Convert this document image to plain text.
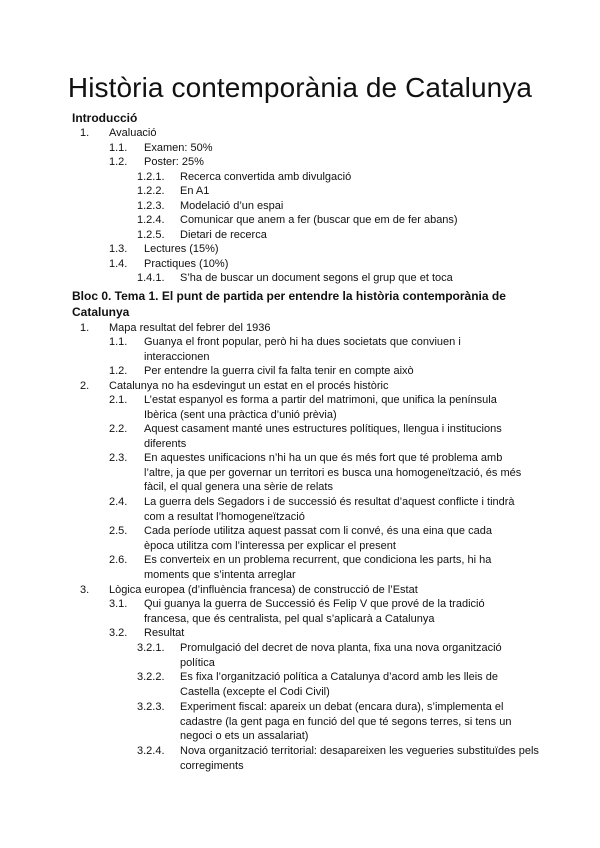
Història contemporània de Catalunya
Introducció
1. Avaluació
1.1. Examen: 50%
1.2. Poster: 25%
1.2.1. Recerca convertida amb divulgació
1.2.2. En A1
1.2.3. Modelació d’un espai
1.2.4. Comunicar que anem a fer (buscar que em de fer abans)
1.2.5. Dietari de recerca
1.3. Lectures (15%)
1.4. Practiques (10%)
1.4.1. S’ha de buscar un document segons el grup que et toca
Bloc 0. Tema 1. El punt de partida per entendre la història contemporània de
Catalunya
1. Mapa resultat del febrer del 1936
1.1. Guanya el front popular, però hi ha dues societats que conviuen i interaccionen
1.2. Per entendre la guerra civil fa falta tenir en compte això
2. Catalunya no ha esdevingut un estat en el procés històric
2.1. L’estat espanyol es forma a partir del matrimoni, que unifica la península Ibèrica (sent una pràctica d’unió prèvia)
2.2. Aquest casament manté unes estructures polítiques, llengua i institucions diferents
2.3. En aquestes unificacions n’hi ha un que és més fort que té problema amb l’altre, ja que per governar un territori es busca una homogeneïtzació, és més fàcil, el qual genera una sèrie de relats
2.4. La guerra dels Segadors i de successió és resultat d’aquest conflicte i tindrà com a resultat l’homogeneïtzació
2.5. Cada període utilitza aquest passat com li convé, és una eina que cada època utilitza com l’interessa per explicar el present
2.6. Es converteix en un problema recurrent, que condiciona les parts, hi ha moments que s’intenta arreglar
3. Lògica europea (d’influència francesa) de construcció de l’Estat
3.1. Qui guanya la guerra de Successió és Felip V que prové de la tradició francesa, que és centralista, pel qual s’aplicarà a Catalunya
3.2. Resultat
3.2.1. Promulgació del decret de nova planta, fixa una nova organització política
3.2.2. Es fixa l’organització política a Catalunya d’acord amb les lleis de Castella (excepte el Codi Civil)
3.2.3. Experiment fiscal: apareix un debat (encara dura), s’implementa el cadastre (la gent paga en funció del que té segons terres, si tens un negoci o ets un assalariat)
3.2.4. Nova organització territorial: desapareixen les vegueries substituïdes pels corregiments
